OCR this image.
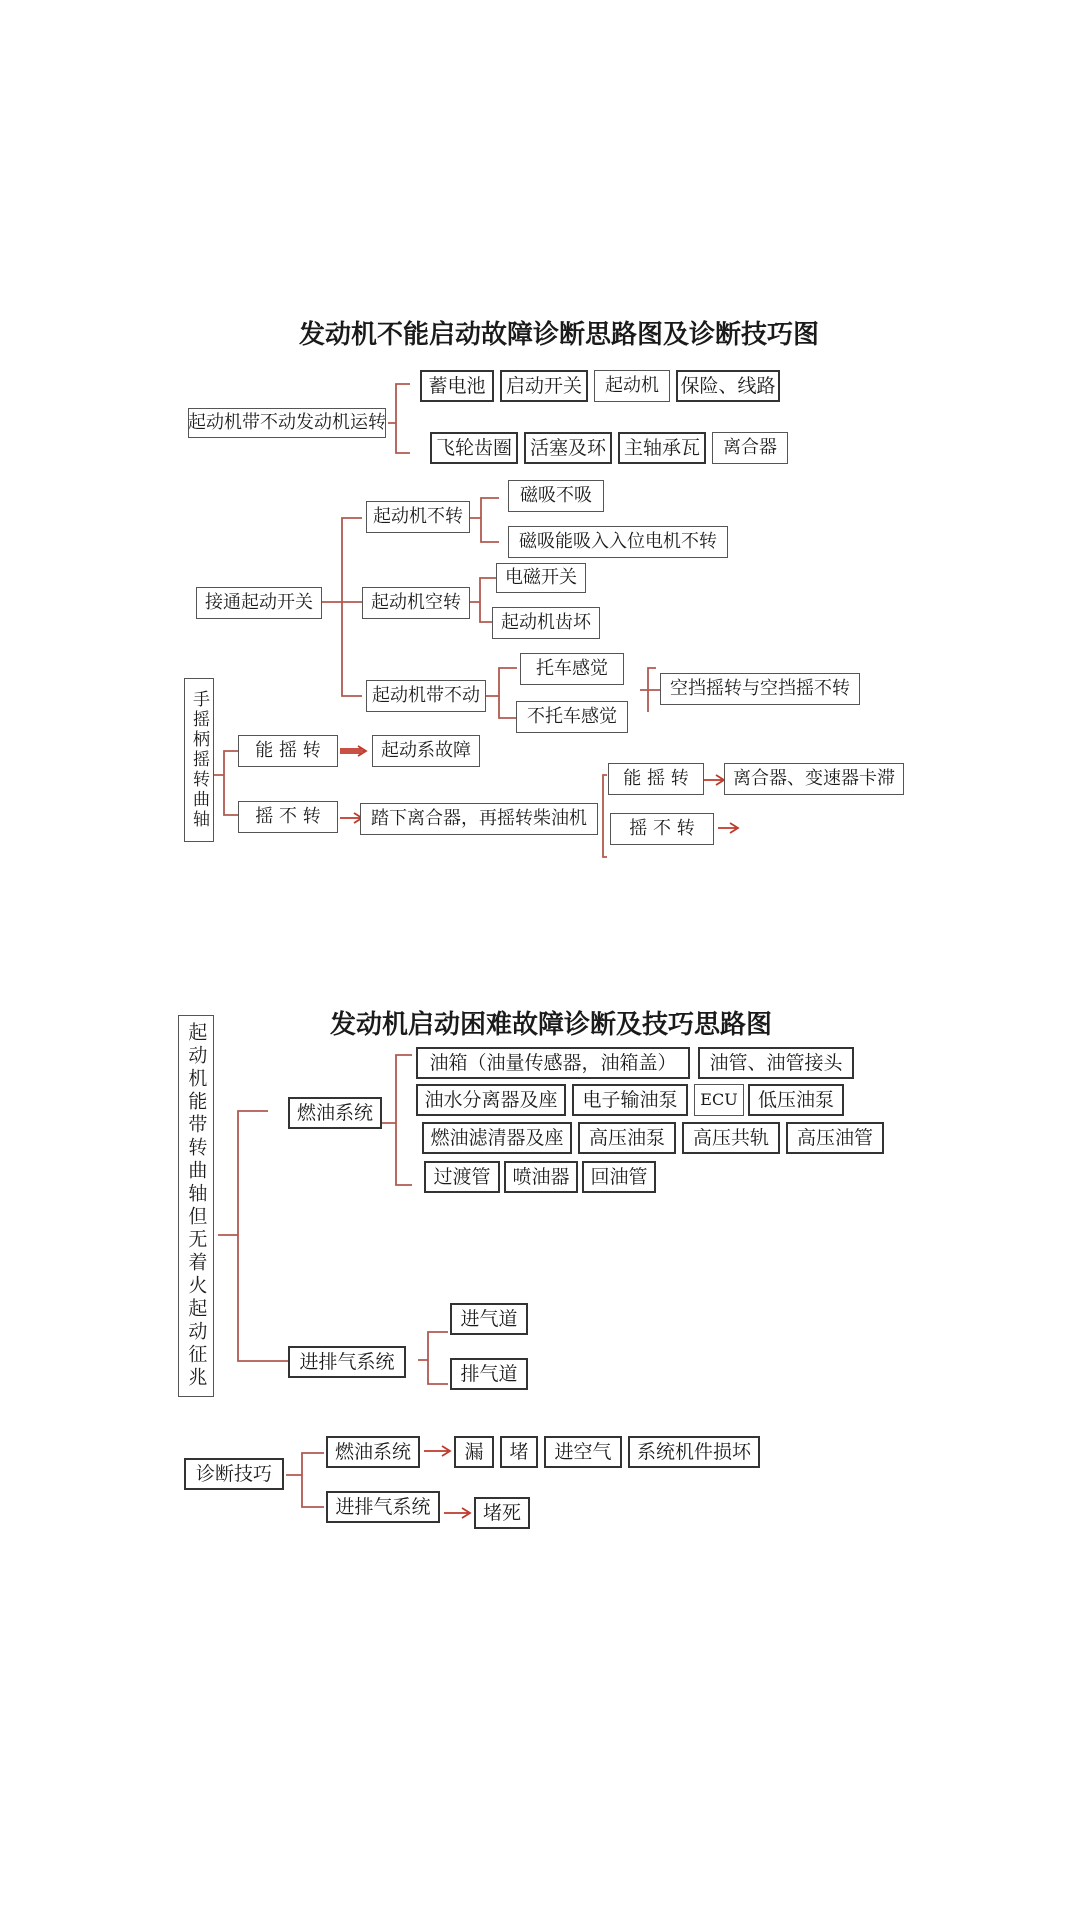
发动机不能启动故障诊断思路图及诊断技巧图
起动机带不动发动机运转
蓄电池	启动开关	起动机	保险、线路
飞轮齿圈 活塞及环 主轴承瓦	离合器
接通起动开关
起动机不转
磁吸不吸
磁吸能吸入入位电机不转
起动机空转
电磁开关
起动机齿坏
起动机带不动
托车感觉
不托车感觉
空挡摇转与空挡摇不转
手摇柄摇转曲轴	能 摇 转	起动系故障
摇 不 转	踏下离合器，再摇转柴油机
能 摇 转	离合器、变速器卡滞
摇 不 转
发动机启动困难故障诊断及技巧思路图
起动机能带转曲轴但无着火起动征兆	燃油系统
油箱（油量传感器，油箱盖）	油管、油管接头
油水分离器及座	电子输油泵	ECU	低压油泵
燃油滤清器及座	高压油泵	高压共轨	高压油管
过渡管	喷油器	回油管
进排气系统
进气道
排气道
诊断技巧
燃油系统	漏	堵	进空气	系统机件损坏
进排气系统	堵死
